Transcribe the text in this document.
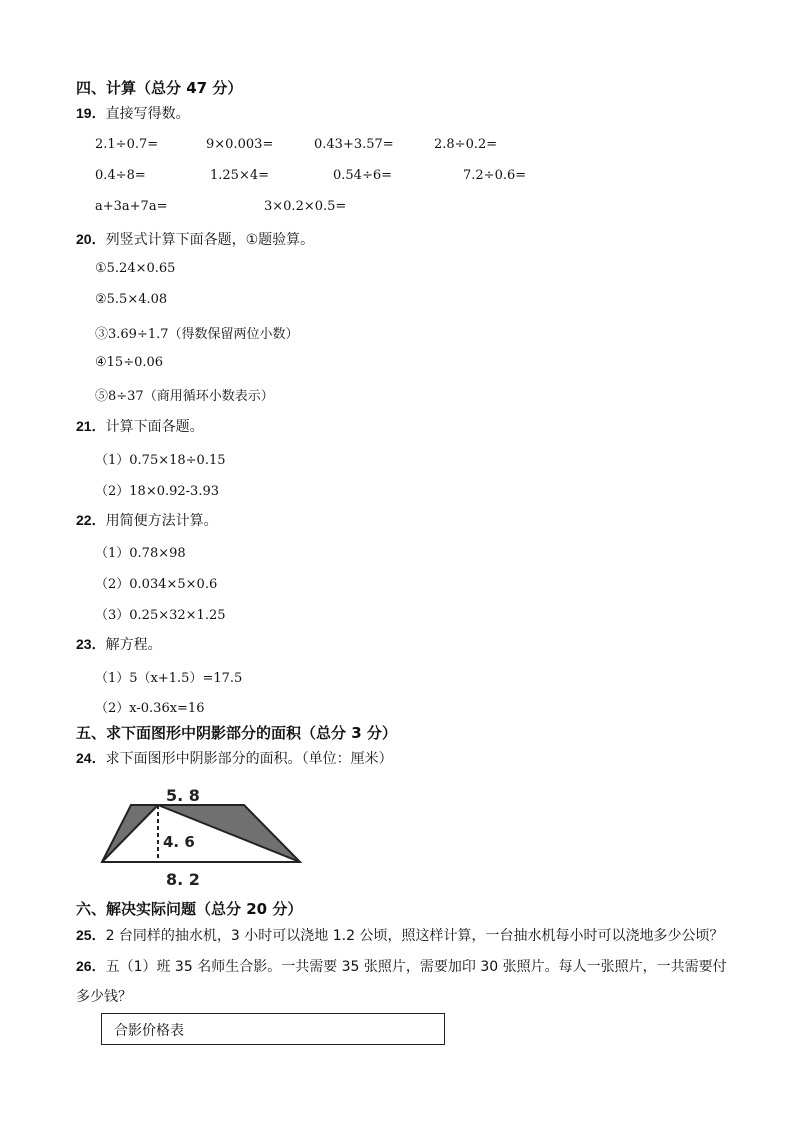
四、计算（总分 47 分）
19．直接写得数。
2.1÷0.7=	9×0.003=	0.43+3.57=	2.8÷0.2=
0.4÷8=	1.25×4=	0.54÷6=	7.2÷0.6=
a+3a+7a=	3×0.2×0.5=
20．列竖式计算下面各题，①题验算。
①5.24×0.65
②5.5×4.08
③3.69÷1.7（得数保留两位小数）
④15÷0.06
⑤8÷37（商用循环小数表示）
21．计算下面各题。
（1）0.75×18÷0.15
（2）18×0.92-3.93
22．用简便方法计算。
（1）0.78×98
（2）0.034×5×0.6
（3）0.25×32×1.25
23．解方程。
（1）5（x+1.5）=17.5
（2）x-0.36x=16
五、求下面图形中阴影部分的面积（总分 3 分）
24．求下面图形中阴影部分的面积。（单位：厘米）
5. 8
4. 6
8. 2
六、解决实际问题（总分 20 分）
25．2 台同样的抽水机，3 小时可以浇地 1.2 公顷，照这样计算，一台抽水机每小时可以浇地多少公顷？
26．五（1）班 35 名师生合影。一共需要 35 张照片，需要加印 30 张照片。每人一张照片，一共需要付
多少钱？
合影价格表
